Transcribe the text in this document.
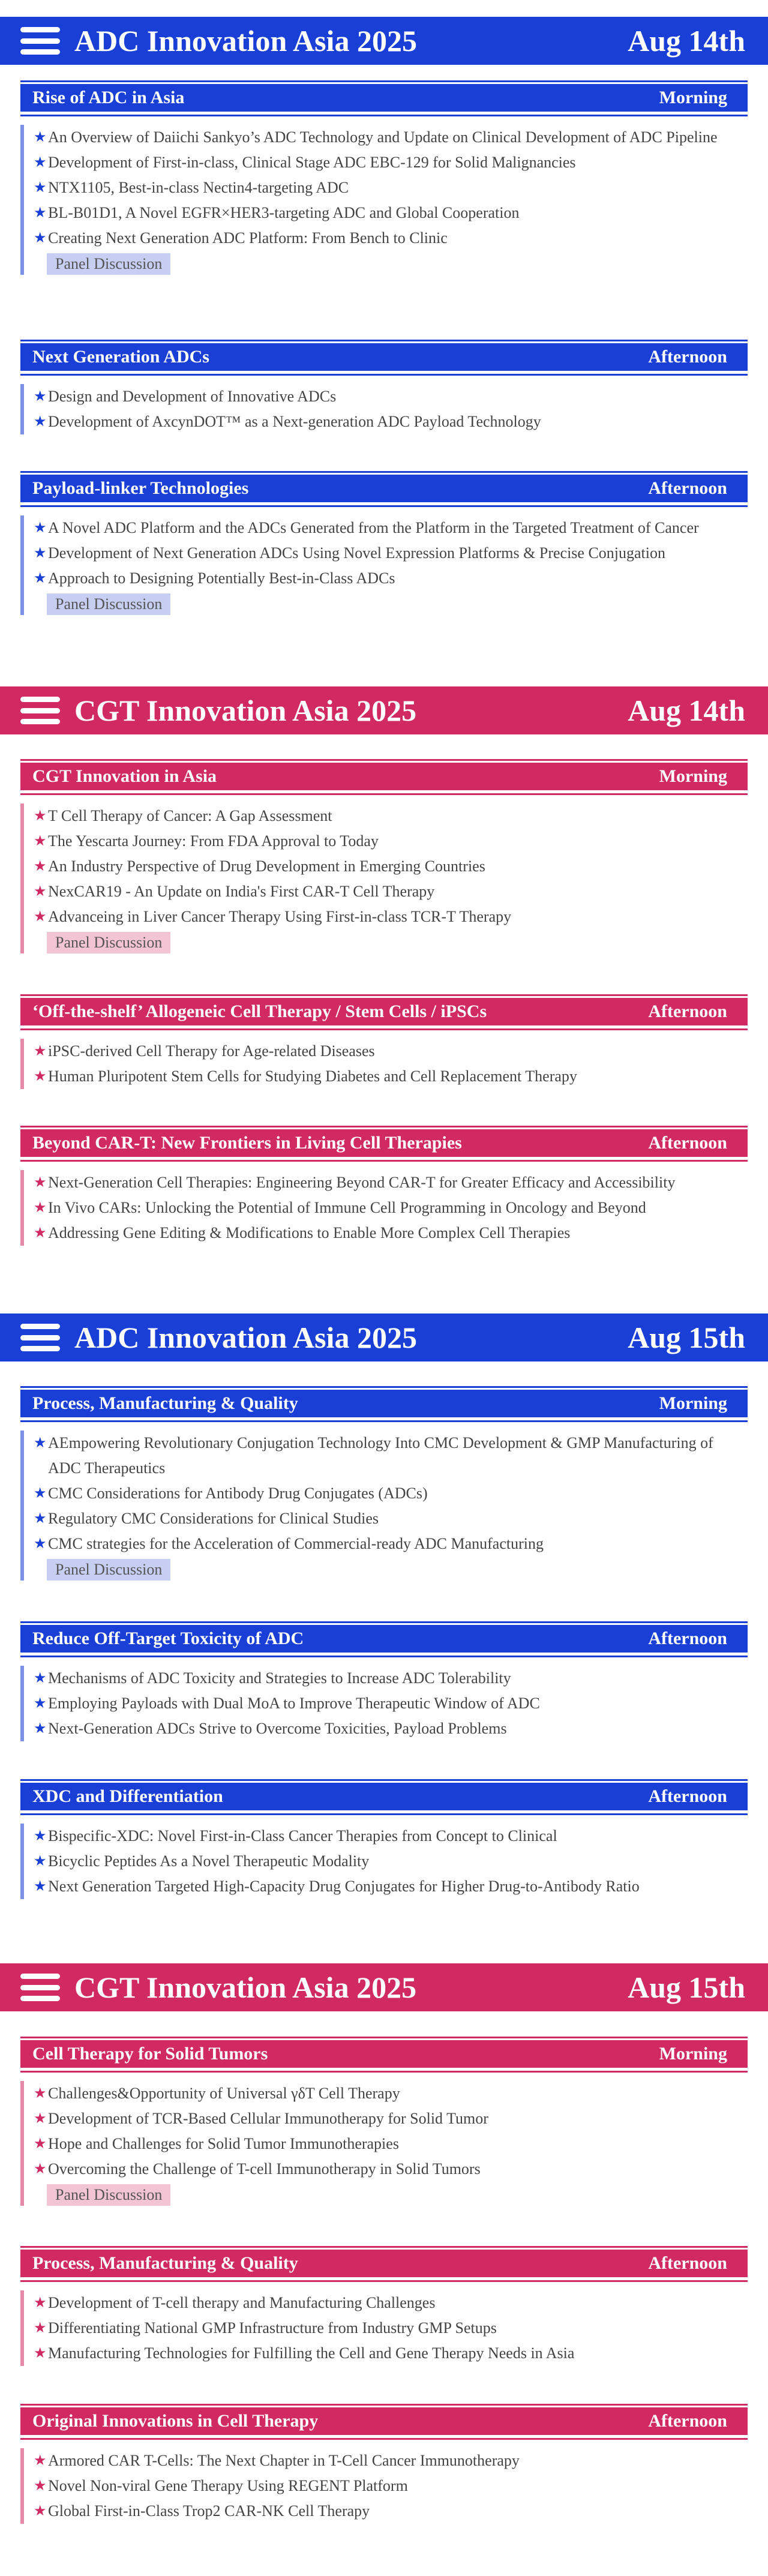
ADC Innovation Asia 2025	Aug 14th
Rise of ADC in Asia	Morning
★ An Overview of Daiichi Sankyo’s ADC Technology and Update on Clinical Development of ADC Pipeline
★ Development of First-in-class, Clinical Stage ADC EBC-129 for Solid Malignancies
★ NTX1105, Best-in-class Nectin4-targeting ADC
★ BL-B01D1, A Novel EGFR×HER3-targeting ADC and Global Cooperation
★ Creating Next Generation ADC Platform: From Bench to Clinic
Panel Discussion
Next Generation ADCs	Afternoon
★ Design and Development of Innovative ADCs
★ Development of AxcynDOT™ as a Next-generation ADC Payload Technology
Payload-linker Technologies	Afternoon
★ A Novel ADC Platform and the ADCs Generated from the Platform in the Targeted Treatment of Cancer
★ Development of Next Generation ADCs Using Novel Expression Platforms & Precise Conjugation
★ Approach to Designing Potentially Best-in-Class ADCs
Panel Discussion
CGT Innovation Asia 2025	Aug 14th
CGT Innovation in Asia	Morning
★ T Cell Therapy of Cancer: A Gap Assessment
★ The Yescarta Journey: From FDA Approval to Today
★ An Industry Perspective of Drug Development in Emerging Countries
★ NexCAR19 - An Update on India's First CAR-T Cell Therapy
★ Advanceing in Liver Cancer Therapy Using First-in-class TCR-T Therapy
Panel Discussion
‘Off-the-shelf’ Allogeneic Cell Therapy / Stem Cells / iPSCs	Afternoon
★ iPSC-derived Cell Therapy for Age-related Diseases
★ Human Pluripotent Stem Cells for Studying Diabetes and Cell Replacement Therapy
Beyond CAR-T: New Frontiers in Living Cell Therapies	Afternoon
★ Next-Generation Cell Therapies: Engineering Beyond CAR-T for Greater Efficacy and Accessibility
★ In Vivo CARs: Unlocking the Potential of Immune Cell Programming in Oncology and Beyond
★ Addressing Gene Editing & Modifications to Enable More Complex Cell Therapies
ADC Innovation Asia 2025	Aug 15th
Process, Manufacturing & Quality	Morning
★ AEmpowering Revolutionary Conjugation Technology Into CMC Development & GMP Manufacturing of ADC Therapeutics
★ CMC Considerations for Antibody Drug Conjugates (ADCs)
★ Regulatory CMC Considerations for Clinical Studies
★ CMC strategies for the Acceleration of Commercial-ready ADC Manufacturing
Panel Discussion
Reduce Off-Target Toxicity of ADC	Afternoon
★ Mechanisms of ADC Toxicity and Strategies to Increase ADC Tolerability
★ Employing Payloads with Dual MoA to Improve Therapeutic Window of ADC
★ Next-Generation ADCs Strive to Overcome Toxicities, Payload Problems
XDC and Differentiation	Afternoon
★ Bispecific-XDC: Novel First-in-Class Cancer Therapies from Concept to Clinical
★ Bicyclic Peptides As a Novel Therapeutic Modality
★ Next Generation Targeted High-Capacity Drug Conjugates for Higher Drug-to-Antibody Ratio
CGT Innovation Asia 2025	Aug 15th
Cell Therapy for Solid Tumors	Morning
★ Challenges&Opportunity of Universal γδT Cell Therapy
★ Development of TCR-Based Cellular Immunotherapy for Solid Tumor
★ Hope and Challenges for Solid Tumor Immunotherapies
★ Overcoming the Challenge of T-cell Immunotherapy in Solid Tumors
Panel Discussion
Process, Manufacturing & Quality	Afternoon
★ Development of T-cell therapy and Manufacturing Challenges
★ Differentiating National GMP Infrastructure from Industry GMP Setups
★ Manufacturing Technologies for Fulfilling the Cell and Gene Therapy Needs in Asia
Original Innovations in Cell Therapy	Afternoon
★ Armored CAR T-Cells: The Next Chapter in T-Cell Cancer Immunotherapy
★ Novel Non-viral Gene Therapy Using REGENT Platform
★ Global First-in-Class Trop2 CAR-NK Cell Therapy
